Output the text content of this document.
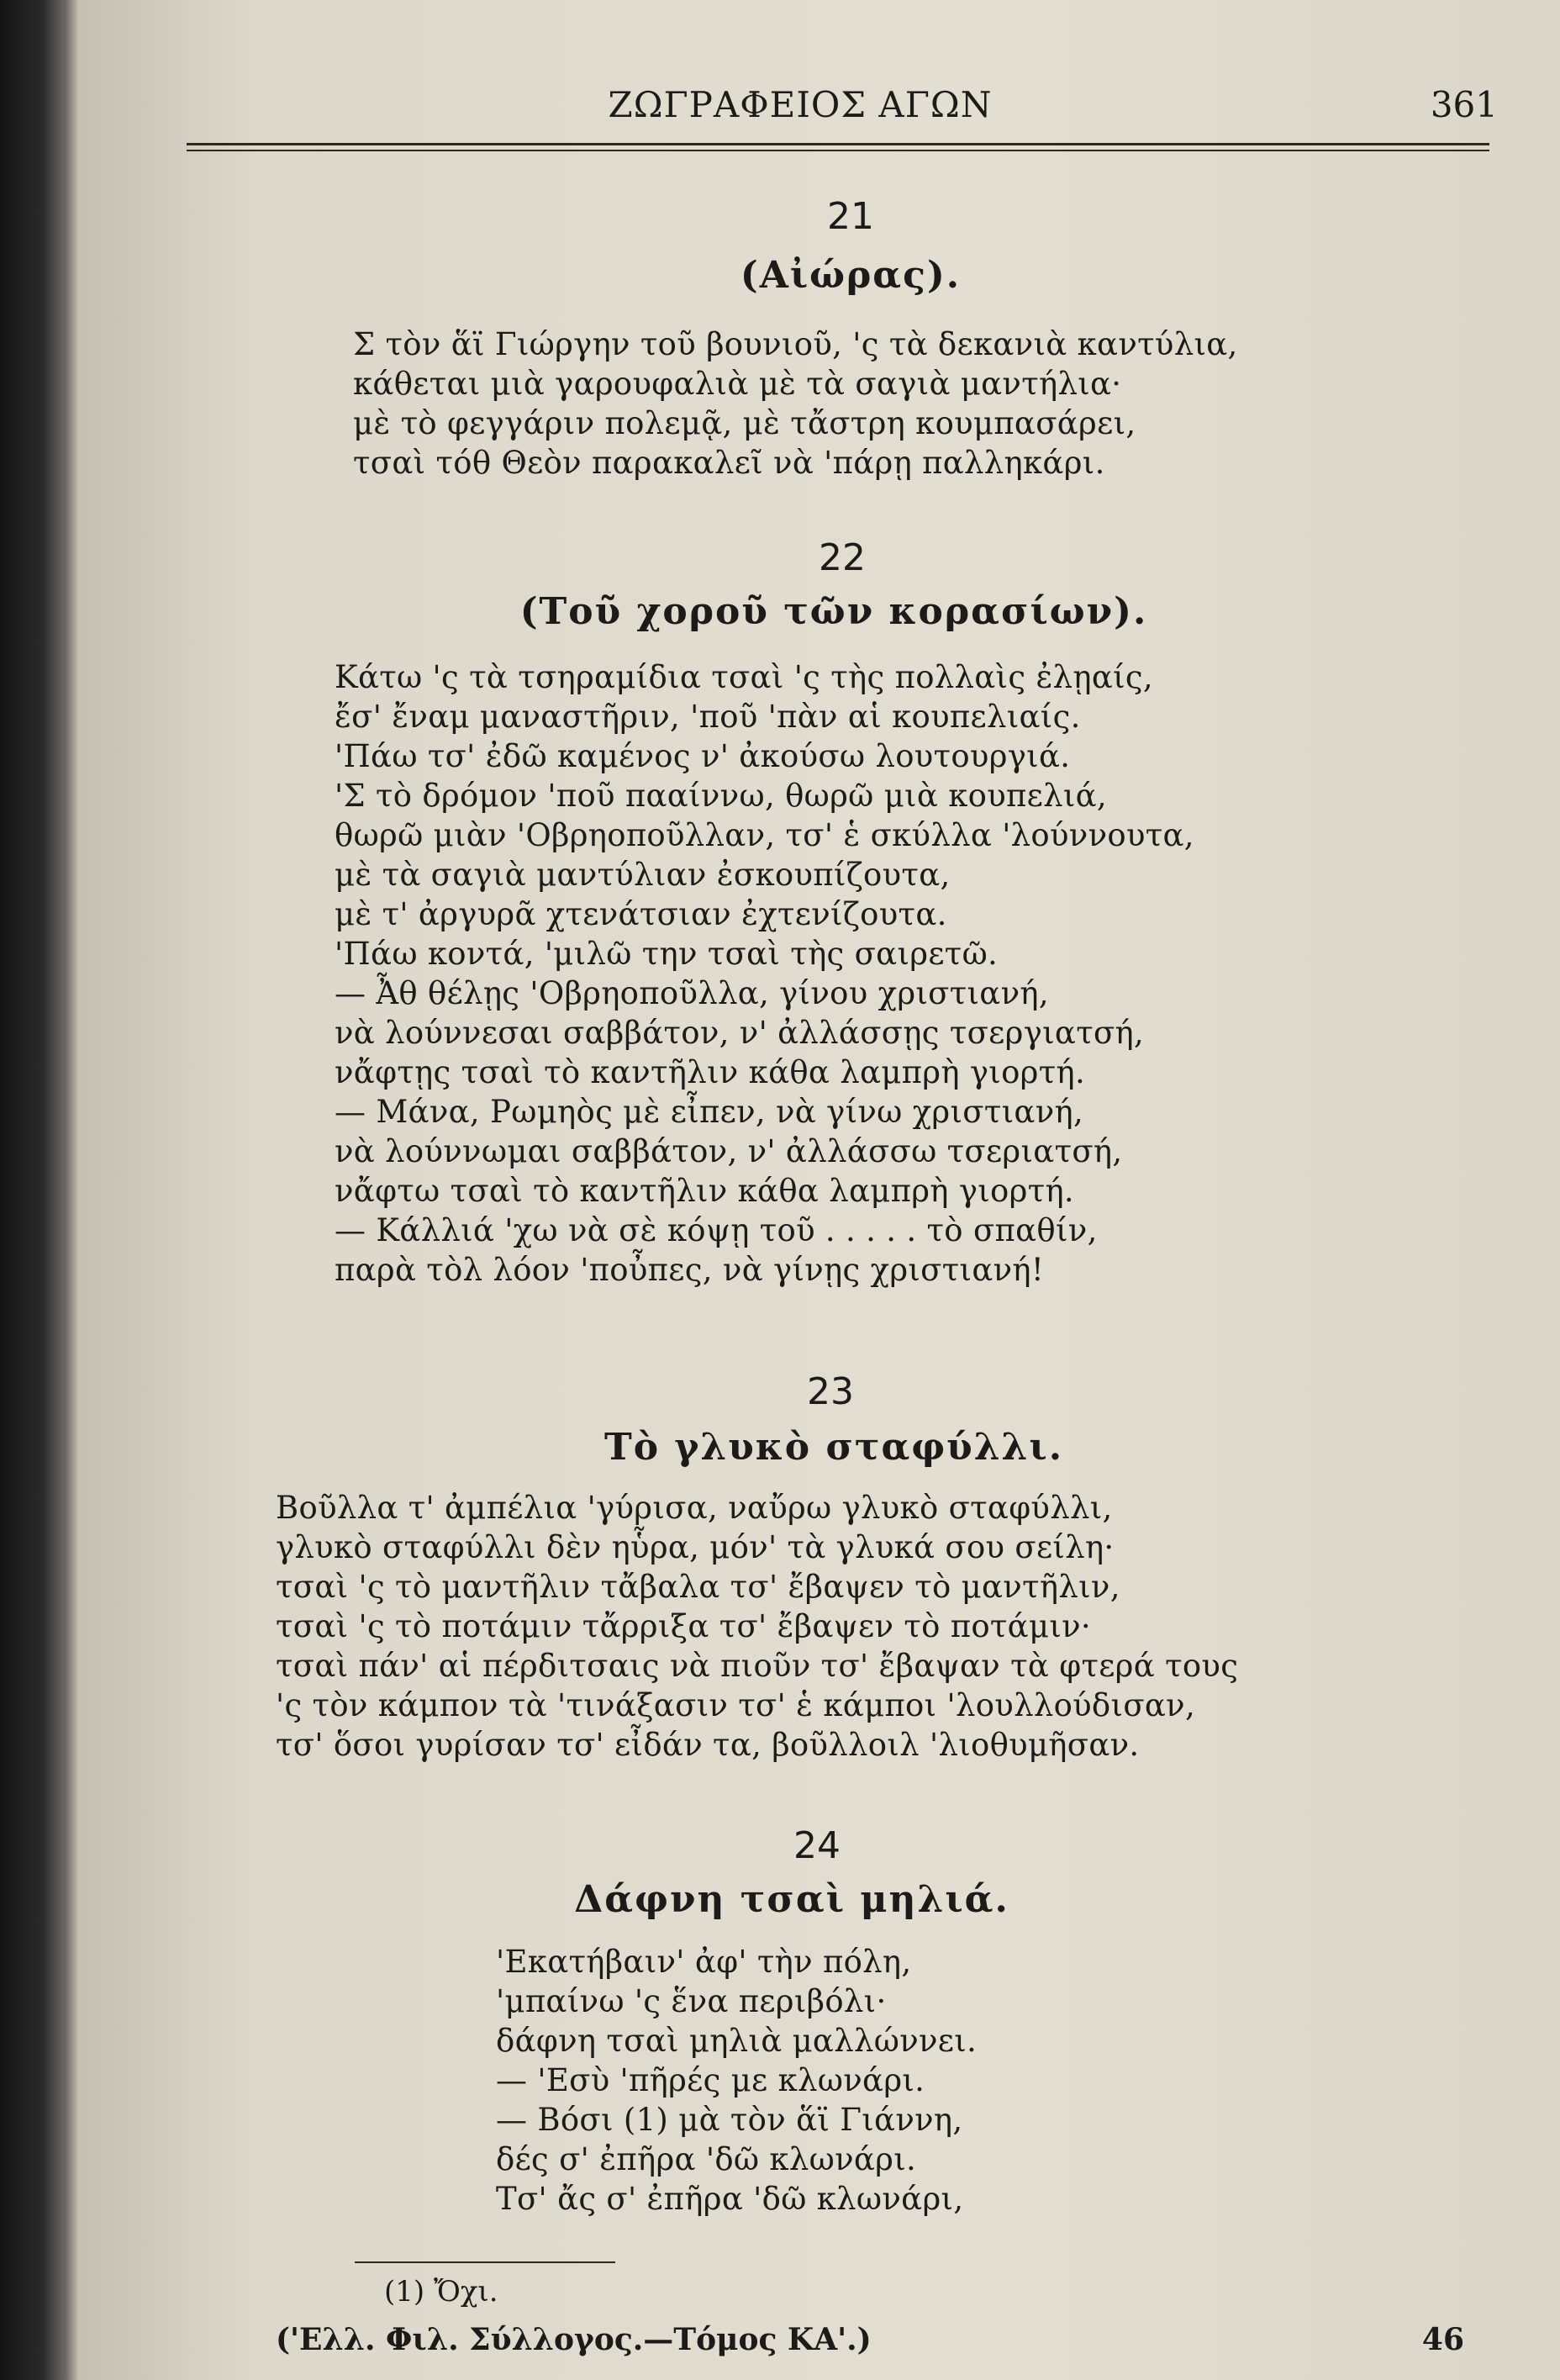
ΖΩΓΡΑΦΕΙΟΣ ΑΓΩΝ	361
21
(Αἰώρας).
Σ τὸν ἅϊ Γιώργην τοῦ βουνιοῦ, 'ς τὰ δεκανιὰ καντύλια,
κάθεται μιὰ γαρουφαλιὰ μὲ τὰ σαγιὰ μαντήλια·
μὲ τὸ φεγγάριν πολεμᾷ, μὲ τἄστρη κουμπασάρει,
τσαὶ τόθ Θεὸν παρακαλεῖ νὰ 'πάρῃ παλληκάρι.
22
(Τοῦ χοροῦ τῶν κορασίων).
Κάτω 'ς τὰ τσηραμίδια τσαὶ 'ς τὴς πολλαὶς ἐλῃαίς,
ἔσ' ἔναμ μαναστῆριν, 'ποῦ 'πὰν αἱ κουπελιαίς.
'Πάω τσ' ἐδῶ καμένος ν' ἀκούσω λουτουργιά.
'Σ τὸ δρόμον 'ποῦ πααίννω, θωρῶ μιὰ κουπελιά,
θωρῶ μιὰν 'Οβρηοποῦλλαν, τσ' ἑ σκύλλα 'λούννουτα,
μὲ τὰ σαγιὰ μαντύλιαν ἐσκουπίζουτα,
μὲ τ' ἀργυρᾶ χτενάτσιαν ἐχτενίζουτα.
'Πάω κοντά, 'μιλῶ την τσαὶ τὴς σαιρετῶ.
— Ἆθ θέλῃς 'Οβρηοποῦλλα, γίνου χριστιανή,
νὰ λούννεσαι σαββάτον, ν' ἀλλάσσῃς τσεργιατσή,
νἄφτῃς τσαὶ τὸ καντῆλιν κάθα λαμπρὴ γιορτή.
— Μάνα, Ρωμηὸς μὲ εἶπεν, νὰ γίνω χριστιανή,
νὰ λούννωμαι σαββάτον, ν' ἀλλάσσω τσεριατσή,
νἄφτω τσαὶ τὸ καντῆλιν κάθα λαμπρὴ γιορτή.
— Κάλλιά 'χω νὰ σὲ κόψῃ τοῦ . . . . . τὸ σπαθίν,
παρὰ τὸλ λόον 'ποὖπες, νὰ γίνῃς χριστιανή!
23
Τὸ γλυκὸ σταφύλλι.
Βοῦλλα τ' ἀμπέλια 'γύρισα, ναὔρω γλυκὸ σταφύλλι,
γλυκὸ σταφύλλι δὲν ηὗρα, μόν' τὰ γλυκά σου σείλη·
τσαὶ 'ς τὸ μαντῆλιν τἄβαλα τσ' ἔβαψεν τὸ μαντῆλιν,
τσαὶ 'ς τὸ ποτάμιν τἄρριξα τσ' ἔβαψεν τὸ ποτάμιν·
τσαὶ πάν' αἱ πέρδιτσαις νὰ πιοῦν τσ' ἔβαψαν τὰ φτερά τους
'ς τὸν κάμπον τὰ 'τινάξασιν τσ' ἑ κάμποι 'λουλλούδισαν,
τσ' ὅσοι γυρίσαν τσ' εἶδάν τα, βοῦλλοιλ 'λιοθυμῆσαν.
24
Δάφνη τσαὶ μηλιά.
'Εκατήβαιν' ἀφ' τὴν πόλη,
'μπαίνω 'ς ἕνα περιβόλι·
δάφνη τσαὶ μηλιὰ μαλλώννει.
— 'Εσὺ 'πῆρές με κλωνάρι.
— Βόσι (1) μὰ τὸν ἅϊ Γιάννη,
δές σ' ἐπῆρα 'δῶ κλωνάρι.
Τσ' ἄς σ' ἐπῆρα 'δῶ κλωνάρι,
(1) Ὄχι.
('Ελλ. Φιλ. Σύλλογος.—Τόμος ΚΑ'.)	46
